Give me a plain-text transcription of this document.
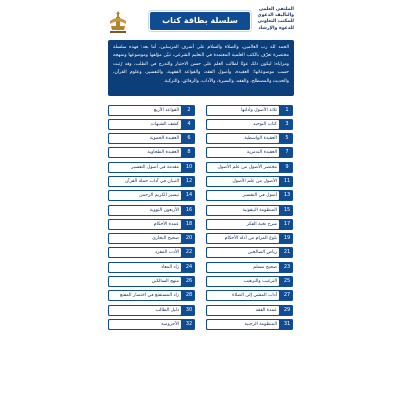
سلسلة بطاقة كتاب
الملتقى العلمي
والتأليف الدعوي
للمكتب التعاوني
للدعوة والإرشاد

الحمد لله رب العالمين، والصلاة والسلام على أشرف المرسلين، أما بعد: فهذه سلسلة مختصرة تعرّف بالكتب العلمية المعتمدة في التعليم الشرعي، تبيّن مؤلفها وموضوعها ومنهجه ومزاياه؛ ليكون ذلك عونًا لطالب العلم على حسن الاختيار والتدرج في الطلب، وقد رُتبت حسب موضوعاتها: العقيدة، وأصول الفقه، والقواعد الفقهية، والتفسير، وعلوم القرآن، والحديث والمصطلح، والفقه، والسيرة، والآداب، والرقائق، والتزكية.

1
ثلاثة الأصول وأدلتها
2
القواعد الأربع
3
كتاب التوحيد
4
كشف الشبهات
5
العقيدة الواسطية
6
العقيدة الحموية
7
العقيدة التدمرية
8
العقيدة الطحاوية
9
مختصر الأصول من علم الأصول
10
مقدمة في أصول التفسير
11
الأصول من علم الأصول
12
التبيان في آداب حملة القرآن
13
أصول في التفسير
14
تيسير الكريم الرحمن
15
المنظومة البيقونية
16
الأربعون النووية
17
شرح نخبة الفكر
18
عمدة الأحكام
19
بلوغ المرام من أدلة الأحكام
20
صحيح البخاري
21
رياض الصالحين
22
الأدب المفرد
23
صحيح مسلم
24
زاد المعاد
25
الترغيب والترهيب
26
منهج السالكين
27
آداب المشي إلى الصلاة
28
زاد المستقنع في اختصار المقنع
29
عمدة الفقه
30
دليل الطالب
31
المنظومة الرحبية
32
الآجرومية
